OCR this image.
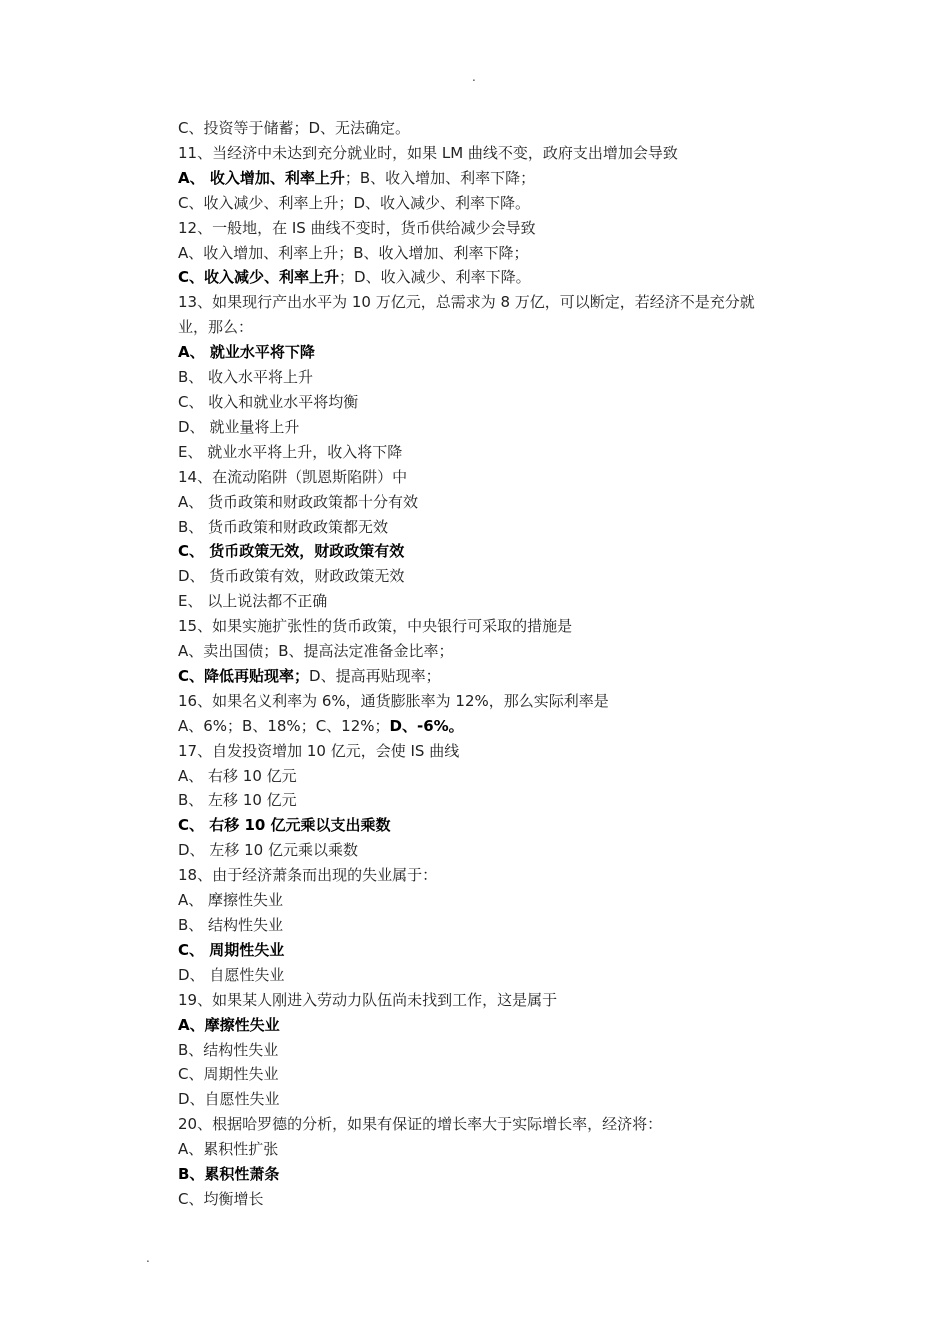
.

C、投资等于储蓄；D、无法确定。

11、当经济中未达到充分就业时，如果 LM 曲线不变，政府支出增加会导致

A、 收入增加、利率上升；B、收入增加、利率下降；

C、收入减少、利率上升；D、收入减少、利率下降。

12、一般地，在 IS 曲线不变时，货币供给减少会导致

A、收入增加、利率上升；B、收入增加、利率下降；

C、收入减少、利率上升；D、收入减少、利率下降。

13、如果现行产出水平为 10 万亿元，总需求为 8 万亿，可以断定，若经济不是充分就

业，那么：

A、 就业水平将下降

B、 收入水平将上升

C、 收入和就业水平将均衡

D、 就业量将上升

E、 就业水平将上升，收入将下降

14、在流动陷阱（凯恩斯陷阱）中

A、 货币政策和财政政策都十分有效

B、 货币政策和财政政策都无效

C、 货币政策无效，财政政策有效

D、 货币政策有效，财政政策无效

E、 以上说法都不正确

15、如果实施扩张性的货币政策，中央银行可采取的措施是

A、卖出国债；B、提高法定准备金比率；

C、降低再贴现率；D、提高再贴现率；

16、如果名义利率为 6%，通货膨胀率为 12%，那么实际利率是

A、6%；B、18%；C、12%；D、-6%。

17、自发投资增加 10 亿元，会使 IS 曲线

A、 右移 10 亿元

B、 左移 10 亿元

C、 右移 10 亿元乘以支出乘数

D、 左移 10 亿元乘以乘数

18、由于经济萧条而出现的失业属于：

A、 摩擦性失业

B、 结构性失业

C、 周期性失业

D、 自愿性失业

19、如果某人刚进入劳动力队伍尚未找到工作，这是属于

A、摩擦性失业

B、结构性失业

C、周期性失业

D、自愿性失业

20、根据哈罗德的分析，如果有保证的增长率大于实际增长率，经济将：

A、累积性扩张

B、累积性萧条

C、均衡增长

.
